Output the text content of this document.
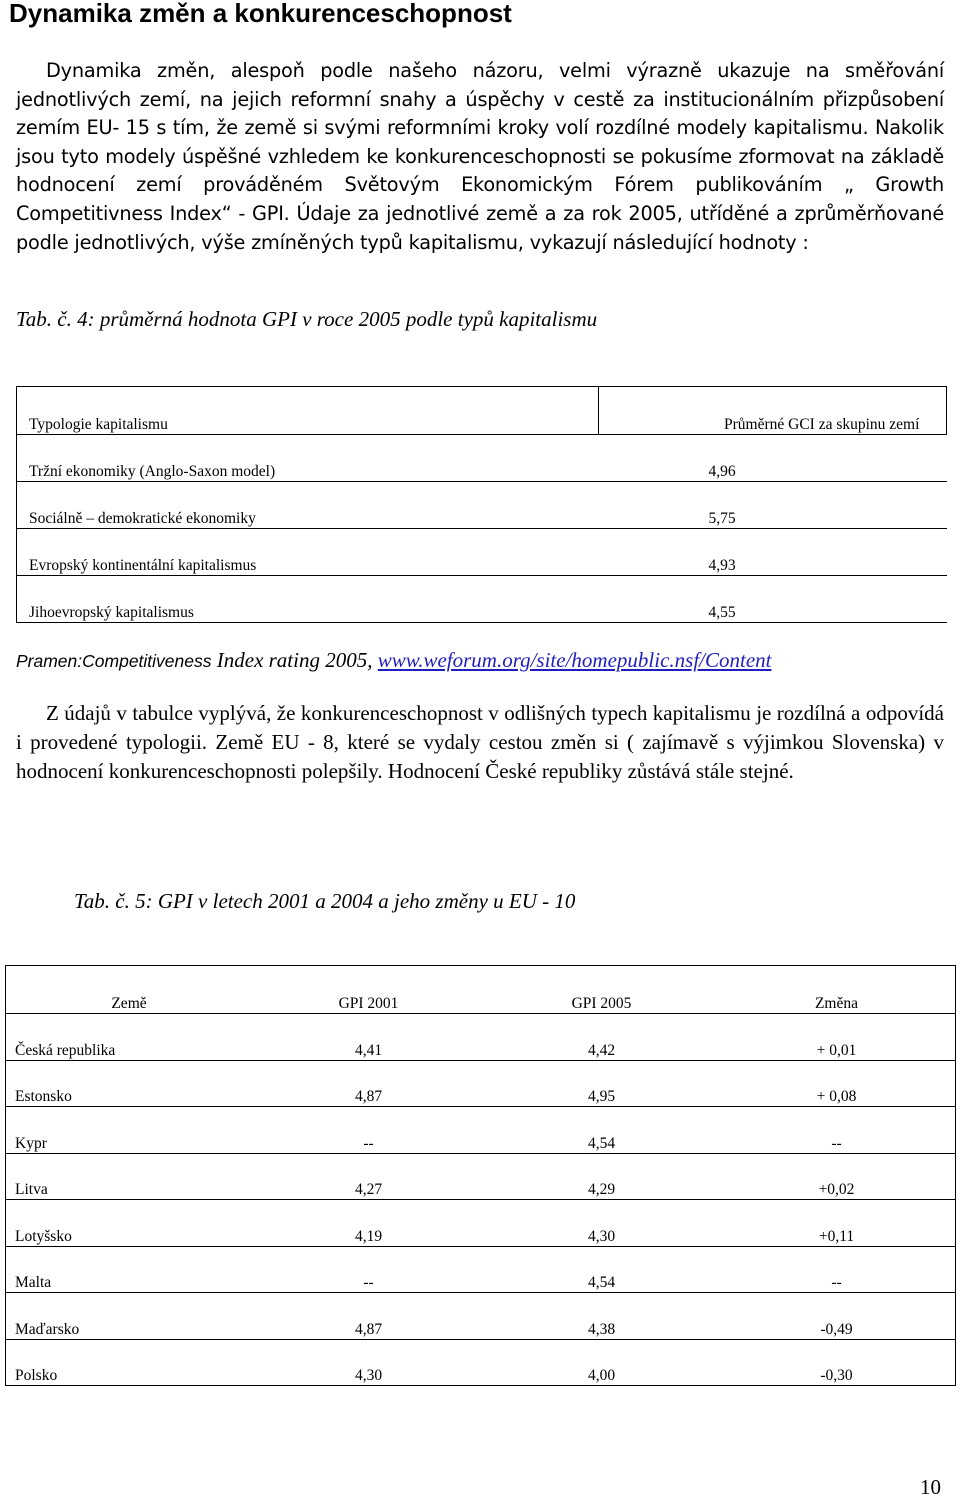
Dynamika změn a konkurenceschopnost

Dynamika změn, alespoň podle našeho názoru, velmi výrazně ukazuje na směřování jednotlivých zemí, na jejich reformní snahy a úspěchy v cestě za institucionálním přizpůsobení zemím EU- 15 s tím, že země si svými reformními kroky volí rozdílné modely kapitalismu. Nakolik jsou tyto modely úspěšné vzhledem ke konkurenceschopnosti se pokusíme zformovat na základě hodnocení zemí prováděném Světovým Ekonomickým Fórem publikováním „ Growth Competitivness Index“ - GPI. Údaje za jednotlivé země a za rok 2005, utříděné a zprůměrňované podle jednotlivých, výše zmíněných typů kapitalismu, vykazují následující hodnoty :

Tab. č. 4: průměrná hodnota GPI v roce 2005 podle typů kapitalismu

Typologie kapitalismu	Průměrné GCI za skupinu zemí
Tržní ekonomiky (Anglo-Saxon model)	4,96
Sociálně – demokratické ekonomiky	5,75
Evropský kontinentální kapitalismus	4,93
Jihoevropský kapitalismus	4,55

Pramen:Competitiveness Index rating 2005, www.weforum.org/site/homepublic.nsf/Content

Z údajů v tabulce vyplývá, že konkurenceschopnost v odlišných typech kapitalismu je rozdílná a odpovídá i provedené typologii. Země EU - 8, které se vydaly cestou změn si ( zajímavě s výjimkou Slovenska) v hodnocení konkurenceschopnosti polepšily. Hodnocení České republiky zůstává stále stejné.

Tab. č. 5: GPI v letech 2001 a 2004 a jeho změny u EU - 10

Země	GPI 2001	GPI 2005	Změna
Česká republika	4,41	4,42	+ 0,01
Estonsko	4,87	4,95	+ 0,08
Kypr	--	4,54	--
Litva	4,27	4,29	+0,02
Lotyšsko	4,19	4,30	+0,11
Malta	--	4,54	--
Maďarsko	4,87	4,38	-0,49
Polsko	4,30	4,00	-0,30

10
